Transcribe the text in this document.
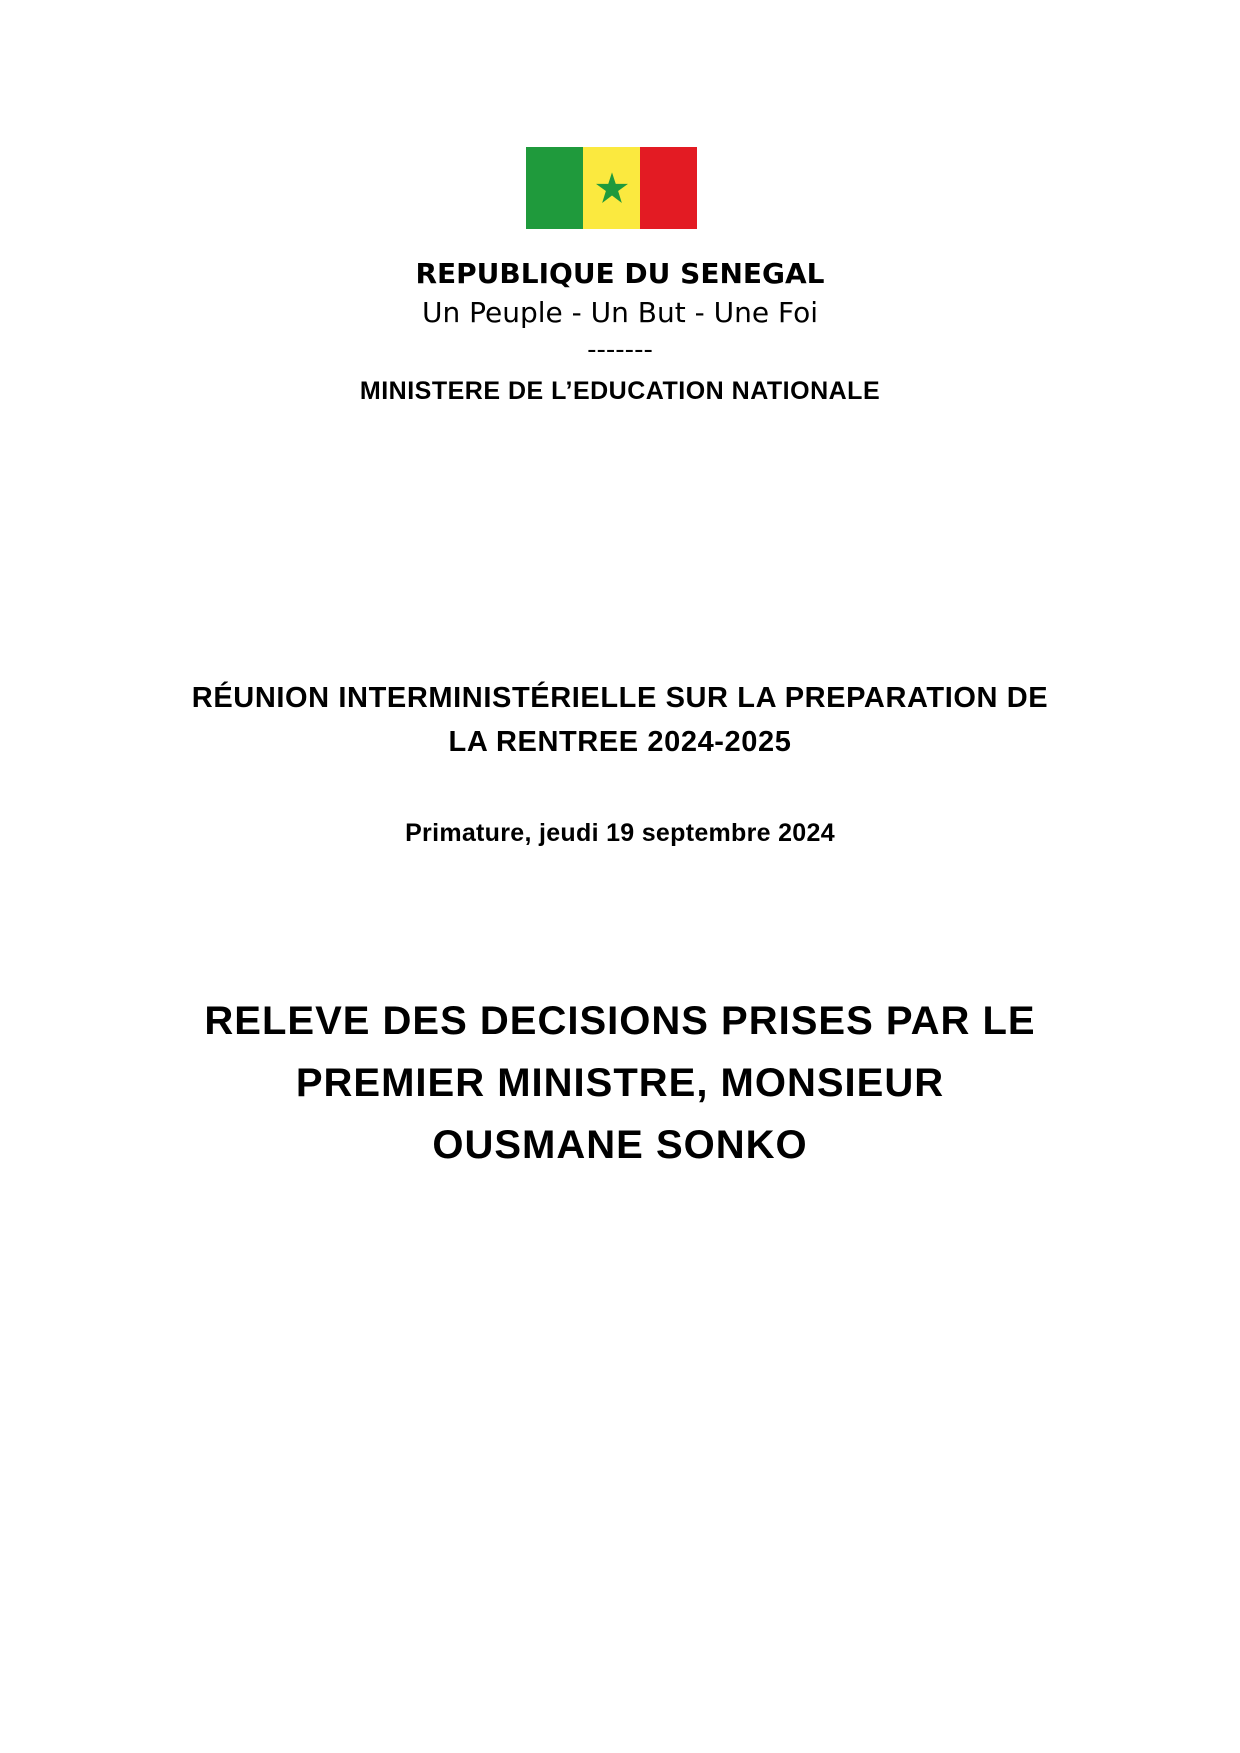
REPUBLIQUE DU SENEGAL
Un Peuple - Un But - Une Foi
-------
MINISTERE DE L’EDUCATION NATIONALE
RÉUNION INTERMINISTÉRIELLE SUR LA PREPARATION DE
LA RENTREE 2024-2025
Primature, jeudi 19 septembre 2024
RELEVE DES DECISIONS PRISES PAR LE
PREMIER MINISTRE, MONSIEUR
OUSMANE SONKO
